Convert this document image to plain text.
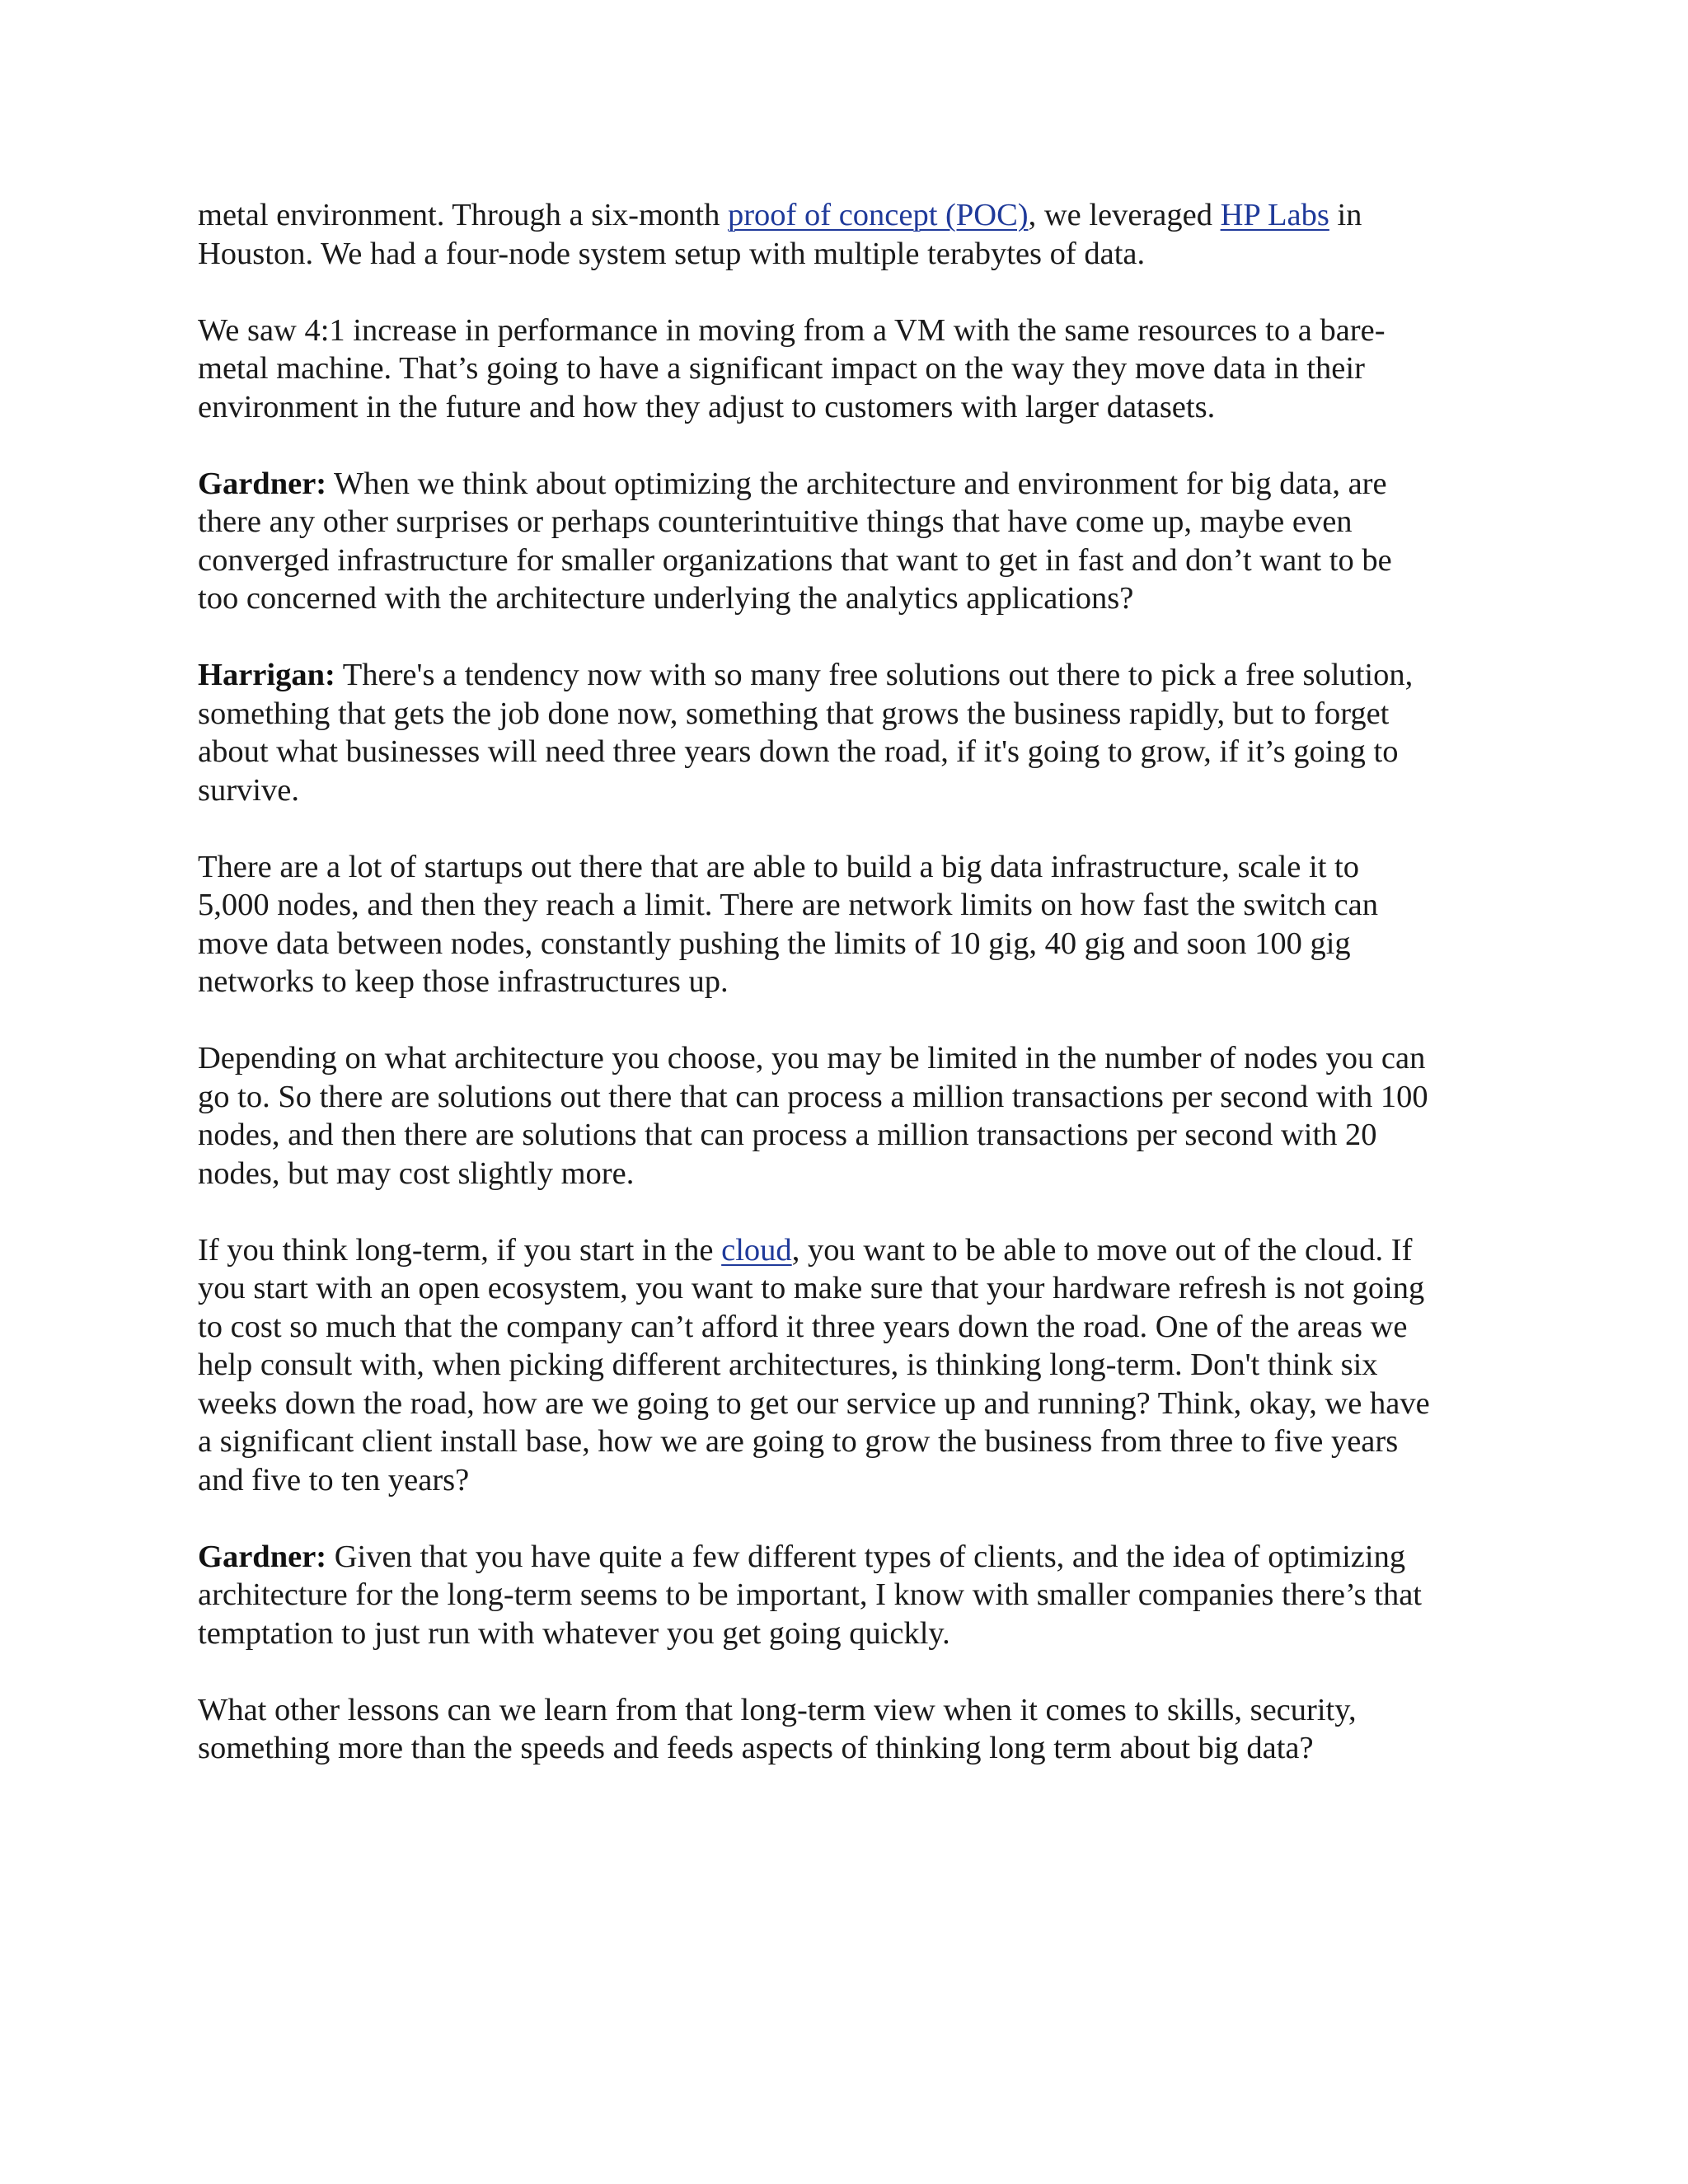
metal environment. Through a six-month proof of concept (POC), we leveraged HP Labs in
Houston. We had a four-node system setup with multiple terabytes of data.

We saw 4:1 increase in performance in moving from a VM with the same resources to a bare-
metal machine. That’s going to have a significant impact on the way they move data in their
environment in the future and how they adjust to customers with larger datasets.

Gardner: When we think about optimizing the architecture and environment for big data, are
there any other surprises or perhaps counterintuitive things that have come up, maybe even
converged infrastructure for smaller organizations that want to get in fast and don’t want to be
too concerned with the architecture underlying the analytics applications?

Harrigan: There's a tendency now with so many free solutions out there to pick a free solution,
something that gets the job done now, something that grows the business rapidly, but to forget
about what businesses will need three years down the road, if it's going to grow, if it’s going to
survive.

There are a lot of startups out there that are able to build a big data infrastructure, scale it to
5,000 nodes, and then they reach a limit. There are network limits on how fast the switch can
move data between nodes, constantly pushing the limits of 10 gig, 40 gig and soon 100 gig
networks to keep those infrastructures up.

Depending on what architecture you choose, you may be limited in the number of nodes you can
go to. So there are solutions out there that can process a million transactions per second with 100
nodes, and then there are solutions that can process a million transactions per second with 20
nodes, but may cost slightly more.

If you think long-term, if you start in the cloud, you want to be able to move out of the cloud. If
you start with an open ecosystem, you want to make sure that your hardware refresh is not going
to cost so much that the company can’t afford it three years down the road. One of the areas we
help consult with, when picking different architectures, is thinking long-term. Don't think six
weeks down the road, how are we going to get our service up and running? Think, okay, we have
a significant client install base, how we are going to grow the business from three to five years
and five to ten years?

Gardner: Given that you have quite a few different types of clients, and the idea of optimizing
architecture for the long-term seems to be important, I know with smaller companies there’s that
temptation to just run with whatever you get going quickly.

What other lessons can we learn from that long-term view when it comes to skills, security,
something more than the speeds and feeds aspects of thinking long term about big data?
